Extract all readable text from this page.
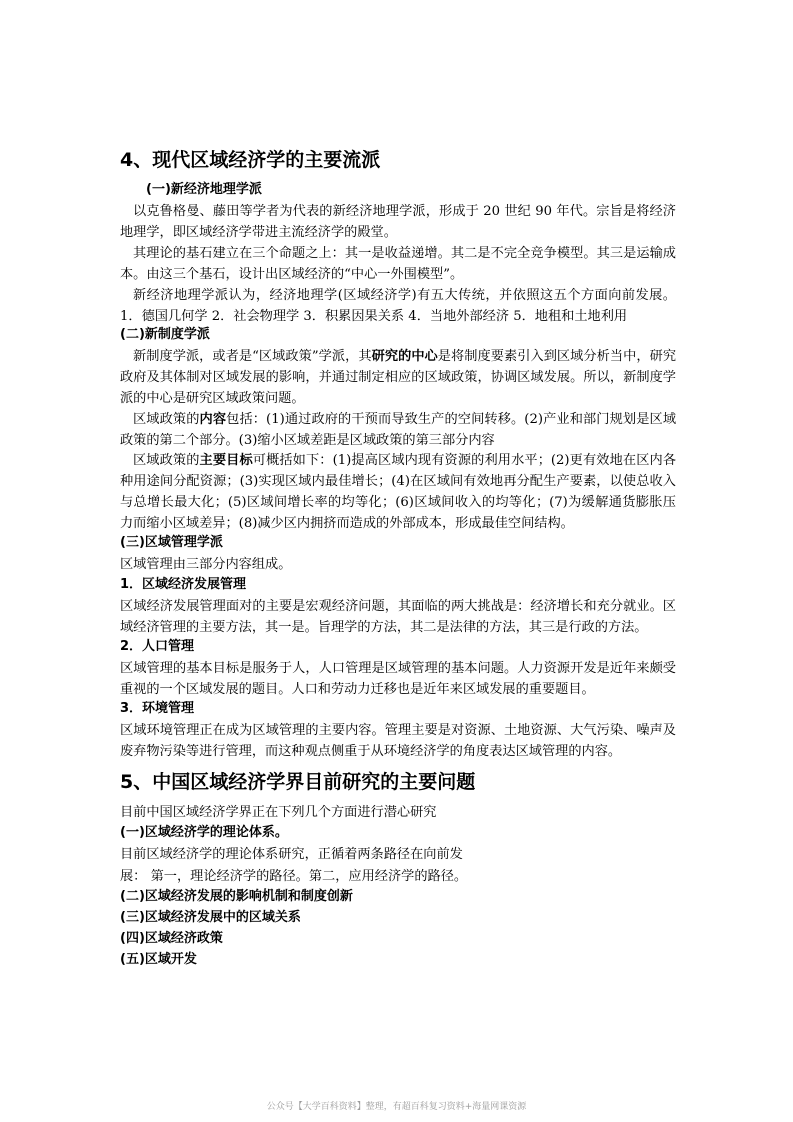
4、现代区域经济学的主要流派
(一)新经济地理学派
以克鲁格曼、藤田等学者为代表的新经济地理学派，形成于 20 世纪 90 年代。宗旨是将经济地理学，即区域经济学带进主流经济学的殿堂。
其理论的基石建立在三个命题之上：其一是收益递增。其二是不完全竞争模型。其三是运输成本。由这三个基石，设计出区域经济的“中心一外围模型”。
新经济地理学派认为，经济地理学(区域经济学)有五大传统，并依照这五个方面向前发展。1．德国几何学 2．社会物理学 3．积累因果关系 4．当地外部经济 5．地租和土地利用
(二)新制度学派
新制度学派，或者是“区域政策”学派，其研究的中心是将制度要素引入到区域分析当中，研究政府及其体制对区域发展的影响，并通过制定相应的区域政策，协调区域发展。所以，新制度学派的中心是研究区域政策问题。
区域政策的内容包括：(1)通过政府的干预而导致生产的空间转移。(2)产业和部门规划是区域政策的第二个部分。(3)缩小区域差距是区域政策的第三部分内容
区域政策的主要目标可概括如下：(1)提高区域内现有资源的利用水平；(2)更有效地在区内各种用途间分配资源；(3)实现区域内最佳增长；(4)在区域间有效地再分配生产要素，以使总收入与总增长最大化；(5)区域间增长率的均等化；(6)区域间收入的均等化；(7)为缓解通货膨胀压力而缩小区域差异；(8)减少区内拥挤而造成的外部成本，形成最佳空间结构。
(三)区域管理学派
区域管理由三部分内容组成。
1．区域经济发展管理
区域经济发展管理面对的主要是宏观经济问题，其面临的两大挑战是：经济增长和充分就业。区域经济管理的主要方法，其一是。旨理学的方法，其二是法律的方法，其三是行政的方法。
2．人口管理
区域管理的基本目标是服务于人，人口管理是区域管理的基本问题。人力资源开发是近年来颇受重视的一个区域发展的题目。人口和劳动力迁移也是近年来区域发展的重要题目。
3．环境管理
区域环境管理正在成为区域管理的主要内容。管理主要是对资源、土地资源、大气污染、噪声及废弃物污染等进行管理，而这种观点侧重于从环境经济学的角度表达区域管理的内容。
5、中国区域经济学界目前研究的主要问题
目前中国区域经济学界正在下列几个方面进行潜心研究
(一)区域经济学的理论体系。
目前区域经济学的理论体系研究，正循着两条路径在向前发
展： 第一，理论经济学的路径。第二，应用经济学的路径。
(二)区域经济发展的影响机制和制度创新
(三)区域经济发展中的区域关系
(四)区域经济政策
(五)区域开发
公众号【大学百科资料】整理，有超百科复习资料+海量网课资源
